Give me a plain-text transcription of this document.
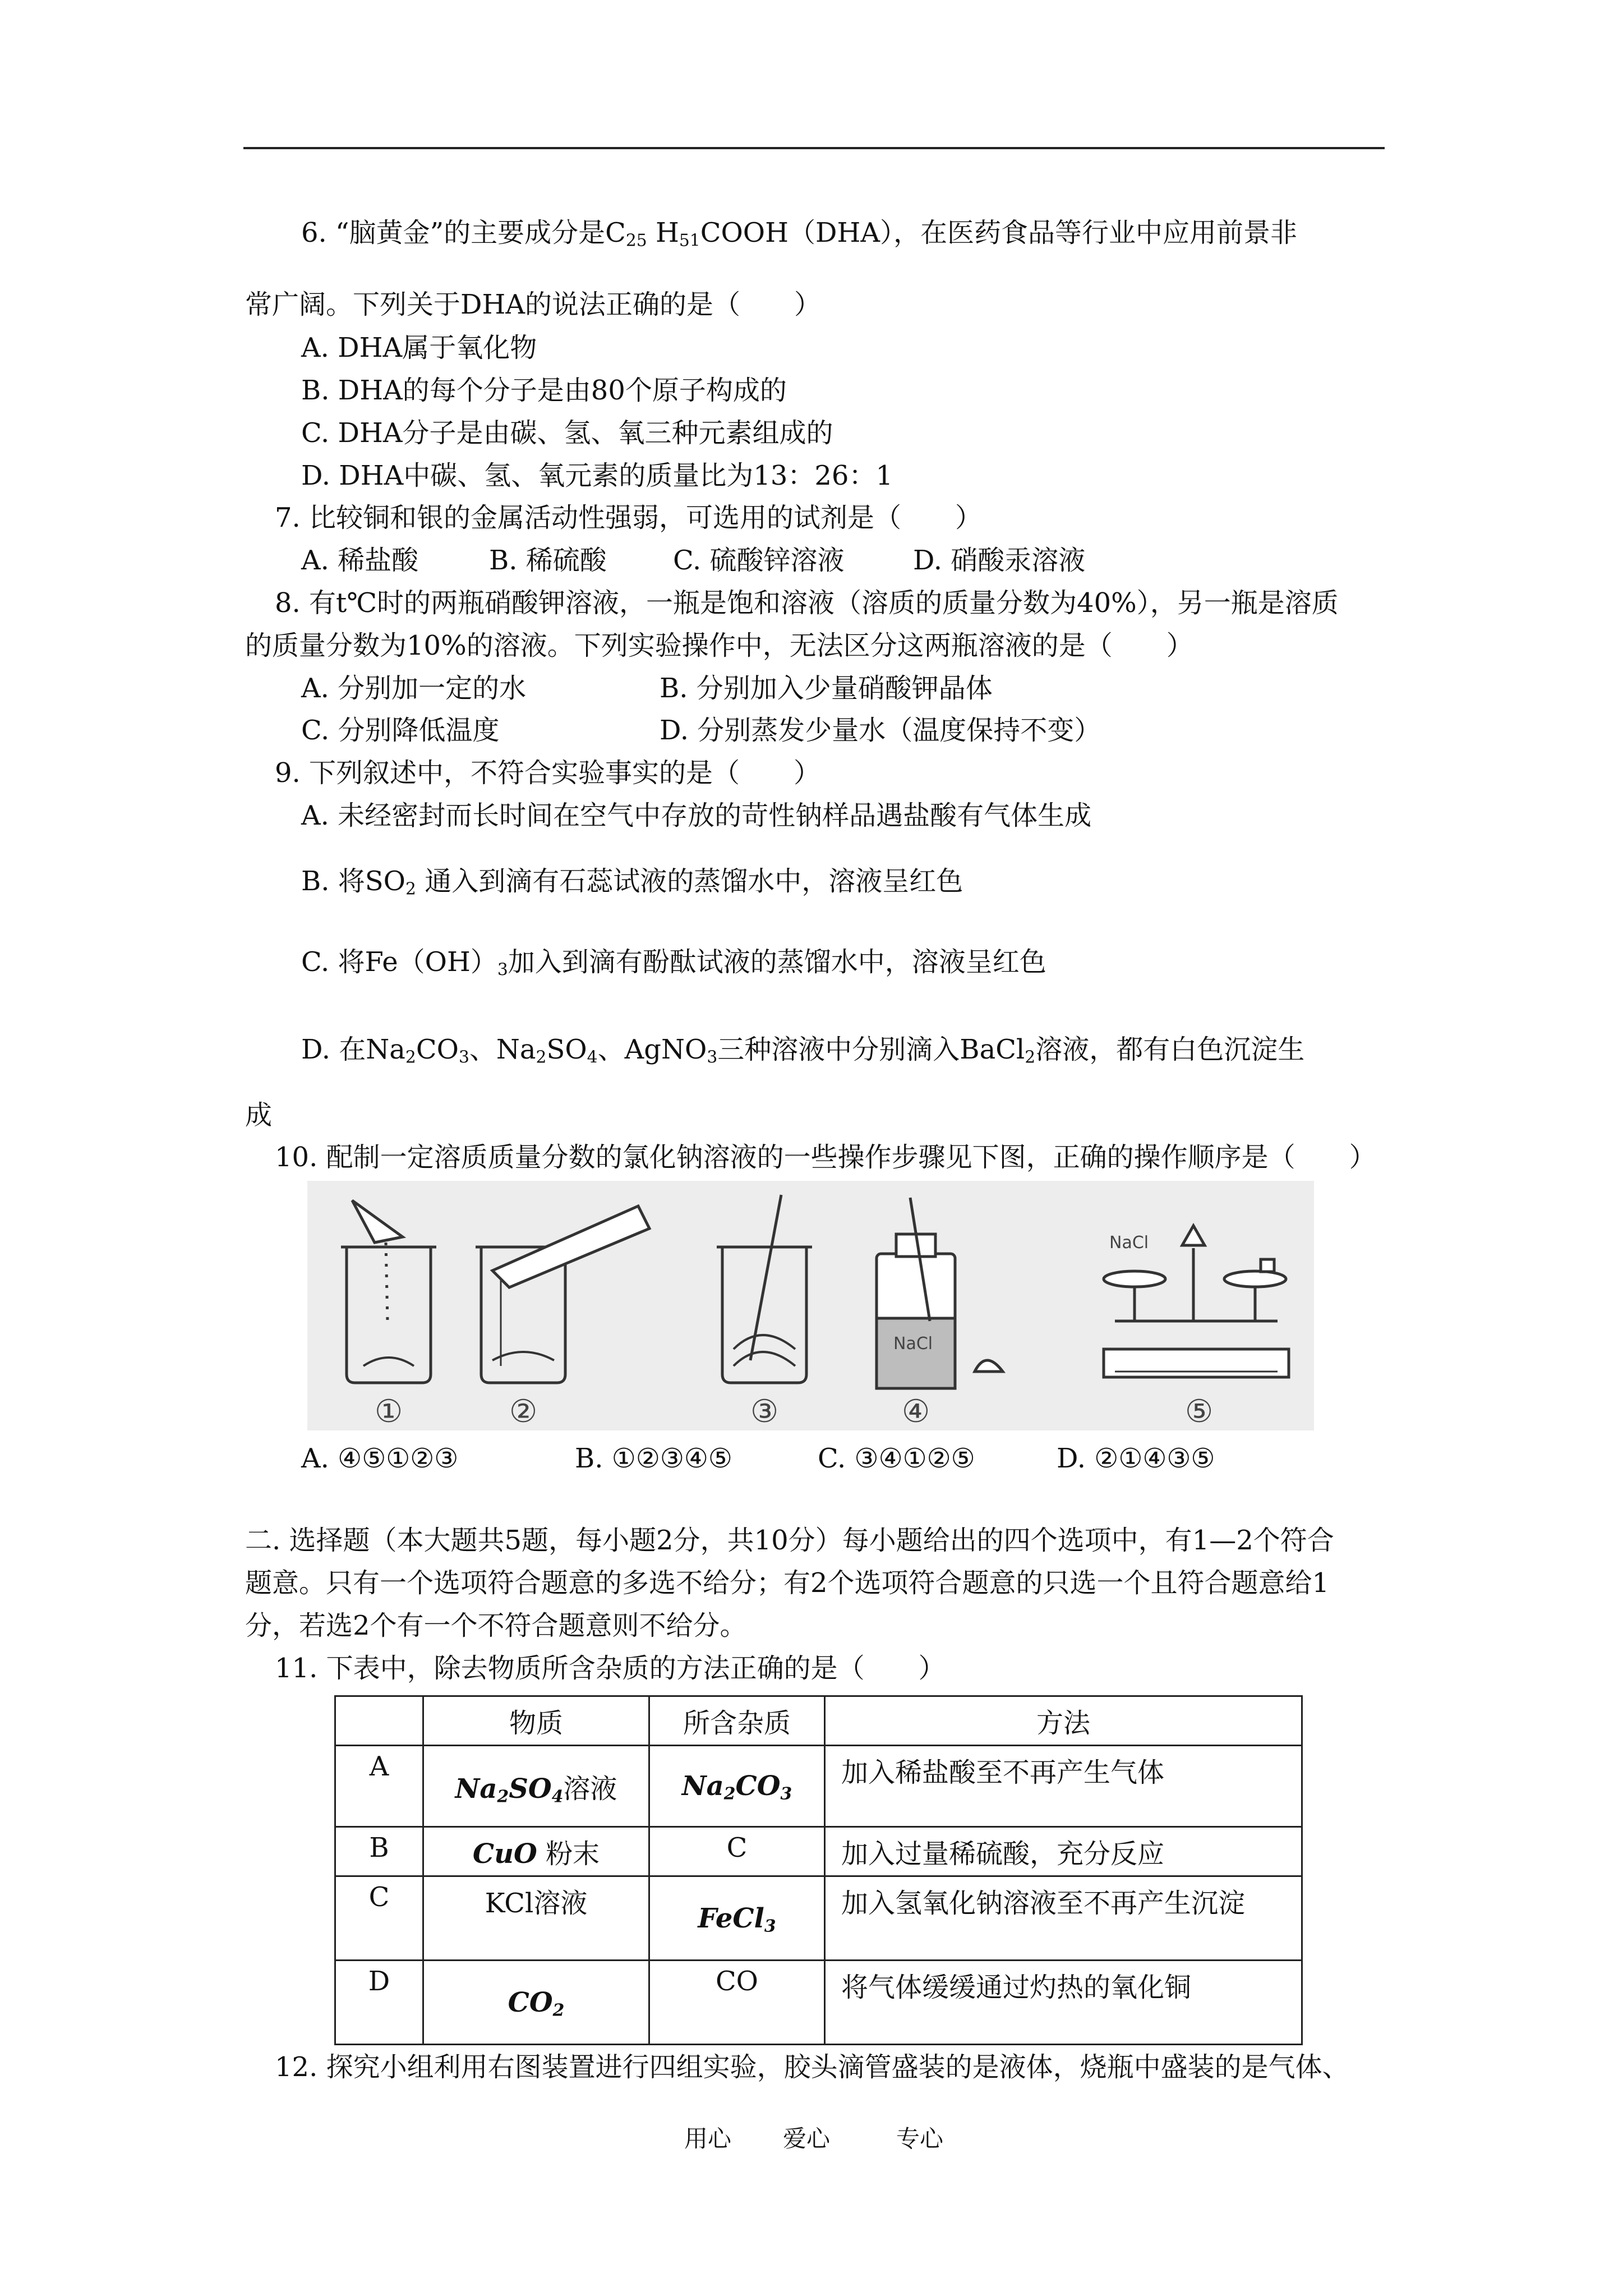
6. “脑黄金”的主要成分是$C_{25}$ $H_{51}COOH(DHA)$，在医药食品等行业中应用前景非
常广阔。下列关于DHA的说法正确的是（　　）
A. DHA属于氧化物
B. DHA的每个分子是由80个原子构成的
C. DHA分子是由碳、氢、氧三种元素组成的
D. DHA中碳、氢、氧元素的质量比为13：26：1
7. 比较铜和银的金属活动性强弱，可选用的试剂是（　　）
A. 稀盐酸	B. 稀硫酸 C. 硫酸锌溶液	D. 硝酸汞溶液
8. 有t℃时的两瓶硝酸钾溶液，一瓶是饱和溶液（溶质的质量分数为40%），另一瓶是溶质
的质量分数为10%的溶液。下列实验操作中，无法区分这两瓶溶液的是（　　）
A. 分别加一定的水	B. 分别加入少量硝酸钾晶体
C. 分别降低温度	D. 分别蒸发少量水（温度保持不变）
9. 下列叙述中，不符合实验事实的是（　　）
A. 未经密封而长时间在空气中存放的苛性钠样品遇盐酸有气体生成
B. 将$SO_2$ 通入到滴有石蕊试液的蒸馏水中，溶液呈红色
C. 将$Fe(OH)_3$加入到滴有酚酞试液的蒸馏水中，溶液呈红色
D. 在$Na_2CO_3$、$Na_2SO_4$、AgNO$_3$三种溶液中分别滴入BaCl$_2$溶液，都有白色沉淀生
成
10. 配制一定溶质质量分数的氯化钠溶液的一些操作步骤见下图，正确的操作顺序是（　　）
①	②	③	④	⑤
NaCl
NaCl
A. ④⑤①②③	B. ①②③④⑤	C. ③④①②⑤	D. ②①④③⑤
二. 选择题（本大题共5题，每小题2分，共10分）每小题给出的四个选项中，有1—2个符合
题意。只有一个选项符合题意的多选不给分；有2个选项符合题意的只选一个且符合题意给1
分，若选2个有一个不符合题意则不给分。
11. 下表中，除去物质所含杂质的方法正确的是（　　）
	物质	所含杂质	方法
A	$Na_2SO_4$溶液	$Na_2CO_3$	加入稀盐酸至不再产生气体
B	CuO 粉末	C	加入过量稀硫酸，充分反应
C	KCl溶液	FeCl$_3$	加入氢氧化钠溶液至不再产生沉淀
D	$CO_2$	CO	将气体缓缓通过灼热的氧化铜
12. 探究小组利用右图装置进行四组实验，胶头滴管盛装的是液体，烧瓶中盛装的是气体、
用心 爱心	专心
